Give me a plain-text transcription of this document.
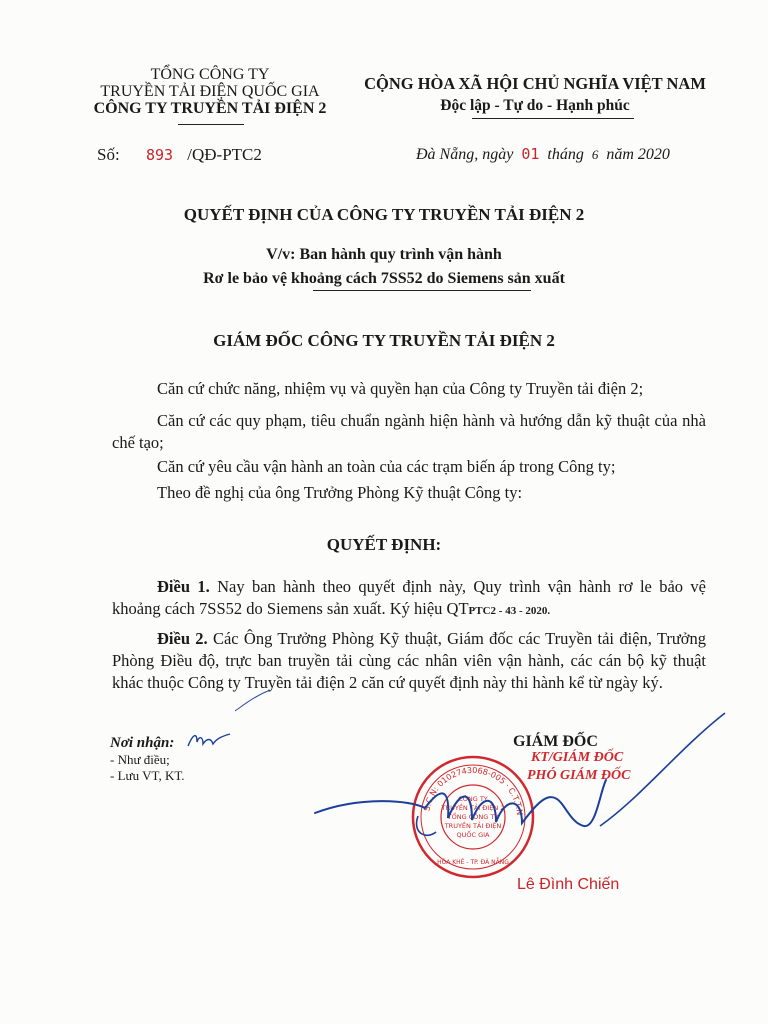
TỔNG CÔNG TY
TRUYỀN TẢI ĐIỆN QUỐC GIA
CÔNG TY TRUYỀN TẢI ĐIỆN 2
CỘNG HÒA XÃ HỘI CHỦ NGHĨA VIỆT NAM
Độc lập - Tự do - Hạnh phúc
Số: 893 /QĐ-PTC2	Đà Nẵng, ngày 01 tháng 6 năm 2020
QUYẾT ĐỊNH CỦA CÔNG TY TRUYỀN TẢI ĐIỆN 2
V/v: Ban hành quy trình vận hành
Rơ le bảo vệ khoảng cách 7SS52 do Siemens sản xuất
GIÁM ĐỐC CÔNG TY TRUYỀN TẢI ĐIỆN 2
Căn cứ chức năng, nhiệm vụ và quyền hạn của Công ty Truyền tải điện 2;
Căn cứ các quy phạm, tiêu chuẩn ngành hiện hành và hướng dẫn kỹ thuật của nhà chế tạo;
Căn cứ yêu cầu vận hành an toàn của các trạm biến áp trong Công ty;
Theo đề nghị của ông Trưởng Phòng Kỹ thuật Công ty:
QUYẾT ĐỊNH:
Điều 1. Nay ban hành theo quyết định này, Quy trình vận hành rơ le bảo vệ khoảng cách 7SS52 do Siemens sản xuất. Ký hiệu QTPTC2 - 43 - 2020.
Điều 2. Các Ông Trưởng Phòng Kỹ thuật, Giám đốc các Truyền tải điện, Trưởng Phòng Điều độ, trực ban truyền tải cùng các nhân viên vận hành, các cán bộ kỹ thuật khác thuộc Công ty Truyền tải điện 2 căn cứ quyết định này thi hành kể từ ngày ký.
Nơi nhận:
- Như điều;
- Lưu VT, KT.
GIÁM ĐỐC
KT/GIÁM ĐỐC
PHÓ GIÁM ĐỐC
S.C.N: 0102743068-005 · C.T.T.N
CÔNG TY
TRUYỀN TẢI ĐIỆN 2
TỔNG CÔNG TY
TRUYỀN TẢI ĐIỆN
QUỐC GIA
HÒA KHÊ - TP. ĐÀ NẴNG
Lê Đình Chiến
